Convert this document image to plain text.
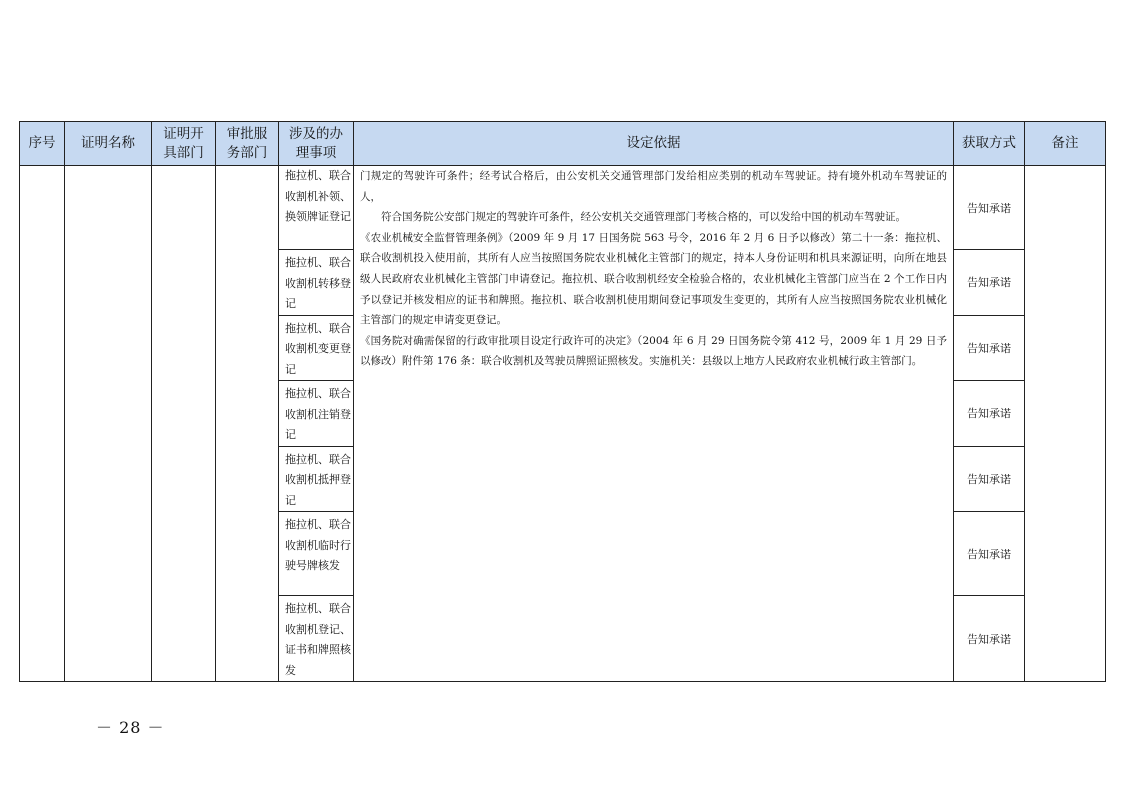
序号	证明名称	证明开具部门	审批服务部门	涉及的办理事项	设定依据	获取方式	备注

				拖拉机、联合收割机补领、换领牌证登记	门规定的驾驶许可条件；经考试合格后，由公安机关交通管理部门发给相应类别的机动车驾驶证。持有境外机动车驾驶证的人，

符合国务院公安部门规定的驾驶许可条件，经公安机关交通管理部门考核合格的，可以发给中国的机动车驾驶证。

《农业机械安全监督管理条例》（2009 年 9 月 17 日国务院 563 号令，2016 年 2 月 6 日予以修改）第二十一条：拖拉机、联合收割机投入使用前，其所有人应当按照国务院农业机械化主管部门的规定，持本人身份证明和机具来源证明，向所在地县级人民政府农业机械化主管部门申请登记。拖拉机、联合收割机经安全检验合格的，农业机械化主管部门应当在 2 个工作日内予以登记并核发相应的证书和牌照。拖拉机、联合收割机使用期间登记事项发生变更的，其所有人应当按照国务院农业机械化主管部门的规定申请变更登记。

《国务院对确需保留的行政审批项目设定行政许可的决定》（2004 年 6 月 29 日国务院令第 412 号，2009 年 1 月 29 日予以修改）附件第 176 条：联合收割机及驾驶员牌照证照核发。实施机关：县级以上地方人民政府农业机械行政主管部门。	告知承诺	

				拖拉机、联合收割机转移登记		告知承诺	

				拖拉机、联合收割机变更登记		告知承诺	

				拖拉机、联合收割机注销登记		告知承诺	

				拖拉机、联合收割机抵押登记		告知承诺	

				拖拉机、联合收割机临时行驶号牌核发		告知承诺	

				拖拉机、联合收割机登记、证书和牌照核发		告知承诺	
－ 28 －
